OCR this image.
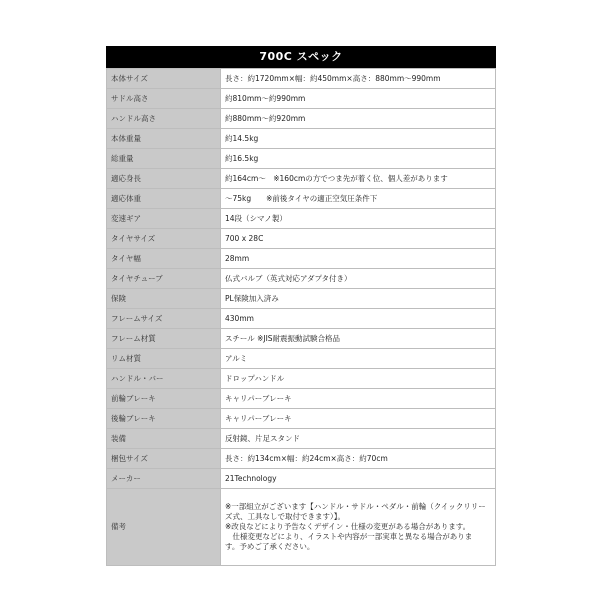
700C スペック
本体サイズ	長さ：約1720mm×幅：約450mm×高さ：880mm〜990mm
サドル高さ	約810mm〜約990mm
ハンドル高さ	約880mm〜約920mm
本体重量	約14.5kg
総重量	約16.5kg
適応身長	約164cm〜　※160cmの方でつま先が着く位、個人差があります
適応体重	〜75kg　　※前後タイヤの適正空気圧条件下
変速ギア	14段（シマノ製）
タイヤサイズ	700 x 28C
タイヤ幅	28mm
タイヤチューブ	仏式バルブ（英式対応アダプタ付き）
保険	PL保険加入済み
フレームサイズ	430mm
フレーム材質	スチール ※JIS耐震振動試験合格品
リム材質	アルミ
ハンドル・バー	ドロップハンドル
前輪ブレーキ	キャリパーブレーキ
後輪ブレーキ	キャリパーブレーキ
装備	反射鏡、片足スタンド
梱包サイズ	長さ：約134cm×幅：約24cm×高さ：約70cm
メーカー	21Technology
備考	※一部組立がございます【ハンドル・サドル・ペダル・前輪（クイックリリー
ズ式、工具なしで取付できます）】。
※改良などにより予告なくデザイン・仕様の変更がある場合があります。
　仕様変更などにより、イラストや内容が一部実車と異なる場合がありま
す。予めご了承ください。
